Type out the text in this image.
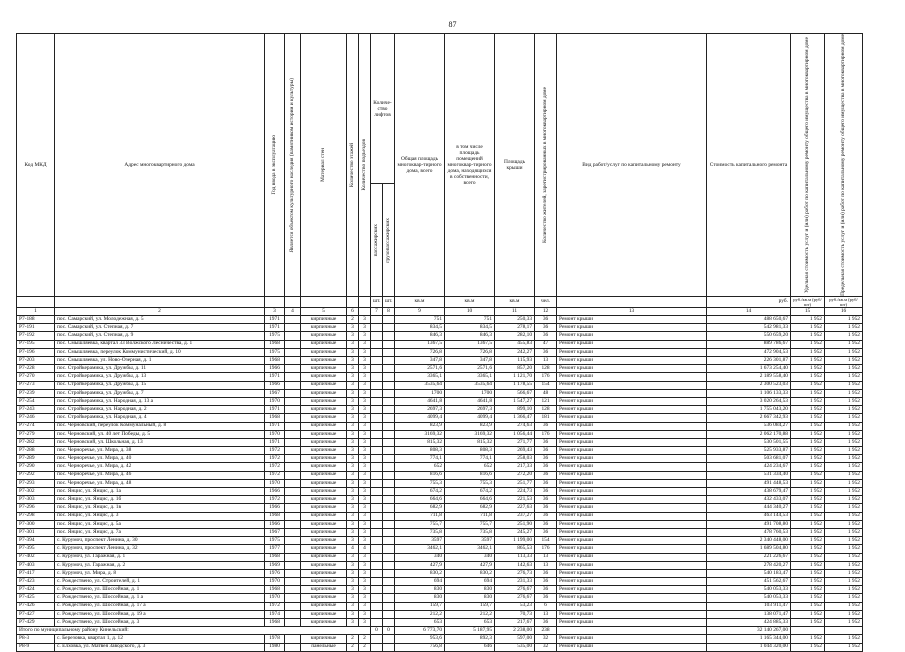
87
Код МКД	Адрес многоквартирного дома	Год ввода в эксплуатацию	Является объектом культурного наследия (памятником истории и культуры)	Материал стен	Количество этажей	Количество подъездов	Количе-ство лифтов		Общая площадь многоквар-тирного дома, всего	в том числе площадь помещений многоквар-тирного дома, находящихся в собственности, всего	Площадь крыши	Количество жителей, зарегистрированных в многоквартирном доме	Вид работ/услуг по капитальному ремонту	Стоимость капитального ремонта	Удельная стоимость услуг и (или) работ по капитальному ремонту общего имущества в многоквартирном доме	Предельная стоимость услуг и (или) работ по капитальному ремонту общего имущества в многоквартирном доме

							пассажирских	грузопассажирских								

							шт.	шт.	кв.м	кв.м	кв.м	чел.		руб.	руб./кв.м (руб/шт)	руб./кв.м (руб/шт)
1	2	3	4	5	6		7	8	9	10	11	12	13	14	15	16
Р7-188	пос. Самарский, ул. Молодежная, д. 5	1971		кирпичные	2	3			751	751	250,33	36	Ремонт крыши	488 650,67	1 952	1 952
Р7-191	пос. Самарский, ул. Степная, д. 7	1971		кирпичные	3	3			834,5	834,5	278,17	36	Ремонт крыши	542 981,33	1 952	1 952
Р7-192	пос. Самарский, ул. Степная, д. 9	1975		кирпичные	3	3			846,3	846,3	282,10	36	Ремонт крыши	550 659,20	1 952	1 952
Р7-195	пос. Смышляевка, квартал 33 Волжского Лесничества, д. 1	1968		кирпичные	3	3			1367,5	1367,5	455,83	47	Ремонт крыши	889 786,67	1 952	1 952
Р7-196	пос. Смышляевка, переулок Коммунистический, д. 10	1975		кирпичные	3	3			726,8	726,8	242,27	36	Ремонт крыши	472 904,53	1 952	1 952
Р7-203	пос. Смышляевка, ул. Ново-Озерная, д. 1	1968		кирпичные	3	3			347,8	347,8	115,93	13	Ремонт крыши	226 301,87	1 952	1 952
Р7-228	пос. Стройкерамика, ул. Дружбы, д. 11	1966		кирпичные	3	3			2571,6	2571,6	857,20	128	Ремонт крыши	1 673 254,40	1 952	1 952
Р7-270	пос. Стройкерамика, ул. Дружбы, д. 13	1971		кирпичные	3	3			3365,1	3365,1	1 121,70	176	Ремонт крыши	2 189 558,40	1 952	1 952
Р7-273	пос. Стройкерамика, ул. Дружбы, д. 15	1966		кирпичные	3	3			3535,64	3535,64	1 178,55	154	Ремонт крыши	2 300 523,03	1 952	1 952
Р7-239	пос. Стройкерамика, ул. Дружбы, д. 7	1967		кирпичные	3	3			1700	1700	566,67	48	Ремонт крыши	1 106 133,33	1 952	1 952
Р7-254	пос. Стройкерамика, ул. Народная, д. 13 а	1970		кирпичные	3	3			4641,8	4641,8	1 547,27	121	Ремонт крыши	3 020 264,53	1 952	1 952
Р7-243	пос. Стройкерамика, ул. Народная, д. 2	1971		кирпичные	3	3			2697,3	2697,3	899,10	128	Ремонт крыши	1 755 043,20	1 952	1 952
Р7-246	пос. Стройкерамика, ул. Народная, д. 4	1968		кирпичные	3	3			4099,4	4099,4	1 366,47	181	Ремонт крыши	2 667 342,93	1 952	1 952
Р7-274	пос. Черновский, переулок Коммунальный, д. 8	1971		кирпичные	3	3			823,9	823,9	274,63	36	Ремонт крыши	536 084,27	1 952	1 952
Р7-279	пос. Черновский, ул. 40 лет Победы, д. 5	1970		кирпичные	3	3			3169,32	3169,32	1 056,44	176	Ремонт крыши	2 062 170,88	1 952	1 952
Р7-282	пос. Черновский, ул. Школьная, д. 13	1971		кирпичные	3	3			815,32	815,32	271,77	36	Ремонт крыши	530 501,55	1 952	1 952
Р7-288	пос. Черноречье, ул. Мира, д. 38	1972		кирпичные	3	3			808,3	808,3	269,43	36	Ремонт крыши	525 933,87	1 952	1 952
Р7-289	пос. Черноречье, ул. Мира, д. 40	1972		кирпичные	3	3			774,1	774,1	258,03	36	Ремонт крыши	503 681,07	1 952	1 952
Р7-290	пос. Черноречье, ул. Мира, д. 42	1972		кирпичные	3	3			652	652	217,33	36	Ремонт крыши	424 234,67	1 952	1 952
Р7-292	пос. Черноречье, ул. Мира, д. 46	1972		кирпичные	3	3			816,6	816,6	272,20	36	Ремонт крыши	531 334,40	1 952	1 952
Р7-293	пос. Черноречье, ул. Мира, д. 48	1970		кирпичные	3	3			755,3	755,3	251,77	36	Ремонт крыши	491 448,53	1 952	1 952
Р7-302	пос. Янцис, ул. Янцис, д. 1а	1966		кирпичные	3	3			674,2	674,2	224,73	36	Ремонт крыши	438 679,47	1 952	1 952
Р7-303	пос. Янцис, ул. Янцис, д. 1б	1972		кирпичные	3	3			664,6	664,6	221,53	36	Ремонт крыши	432 433,07	1 952	1 952
Р7-296	пос. Янцис, ул. Янцис, д. 1в	1966		кирпичные	3	3			682,9	682,9	227,63	36	Ремонт крыши	444 340,27	1 952	1 952
Р7-298	пос. Янцис, ул. Янцис, д. 3	1968		кирпичные	3	3			711,8	711,8	237,27	36	Ремонт крыши	463 144,53	1 952	1 952
Р7-300	пос. Янцис, ул. Янцис, д. 5а	1966		кирпичные	3	3			755,7	755,7	251,90	36	Ремонт крыши	491 708,80	1 952	1 952
Р7-301	пос. Янцис, ул. Янцис, д. 7а	1967		кирпичные	3	3			735,8	735,8	245,27	36	Ремонт крыши	478 760,53	1 952	1 952
Р7-394	с. Курумоч, проспект Ленина, д. 30	1975		кирпичные	3	3			3597	3597	1 199,00	154	Ремонт крыши	2 340 448,00	1 952	1 952
Р7-395	с. Курумоч, проспект Ленина, д. 32	1977		кирпичные	4	4			3462,1	3462,1	865,53	176	Ремонт крыши	1 689 504,80	1 952	1 952
Р7-402	с. Курумоч, ул. Гаражная, д. 1	1968		кирпичные	3	3			340	340	113,33	13	Ремонт крыши	221 226,67	1 952	1 952
Р7-403	с. Курумоч, ул. Гаражная, д. 2	1969		кирпичные	3	3			427,9	427,9	142,63	13	Ремонт крыши	278 420,27	1 952	1 952
Р7-417	с. Курумоч, ул. Мира, д. 8	1976		кирпичные	3	3			830,2	830,2	276,73	36	Ремонт крыши	540 183,47	1 952	1 952
Р7-423	с. Рождествено, ул. Строителей, д. 1	1970		кирпичные	3	3			694	694	231,33	36	Ремонт крыши	451 562,67	1 952	1 952
Р7-424	с. Рождествено, ул. Шоссейная, д. 1	1968		кирпичные	3	3			830	830	276,67	36	Ремонт крыши	540 053,33	1 952	1 952
Р7-425	с. Рождествено, ул. Шоссейная, д. 1 а	1970		кирпичные	3	3			830	830	276,67	36	Ремонт крыши	540 053,33	1 952	1 952
Р7-426	с. Рождествено, ул. Шоссейная, д. 17 а	1972		кирпичные	3	3			159,7	159,7	53,23	6	Ремонт крыши	103 911,47	1 952	1 952
Р7-427	с. Рождествено, ул. Шоссейная, д. 19 а	1974		кирпичные	3	3			212,2	212,2	70,73	13	Ремонт крыши	138 071,47	1 952	1 952
Р7-429	с. Рождествено, ул. Шоссейная, д. 3	1968		кирпичные	3	3			653	653	217,67	36	Ремонт крыши	424 885,33	1 952	1 952
Итого по муниципальному району Кинельский:							0	0	6 773,70	5 187,95	2 238,00	238		32 140 267,00		
Р8-3	с. Березовка, квартал 1, д. 12	1978		кирпичные	2	2			953,6	892,3	597,00	32	Ремонт крыши	1 165 344,00	1 952	1 952
Р8-9	с. Елховка, ул. Матвея Заводского, д. 3	1980		панельные	2	2			756,8	646	535,00	32	Ремонт крыши	1 044 320,00	1 952	1 952
